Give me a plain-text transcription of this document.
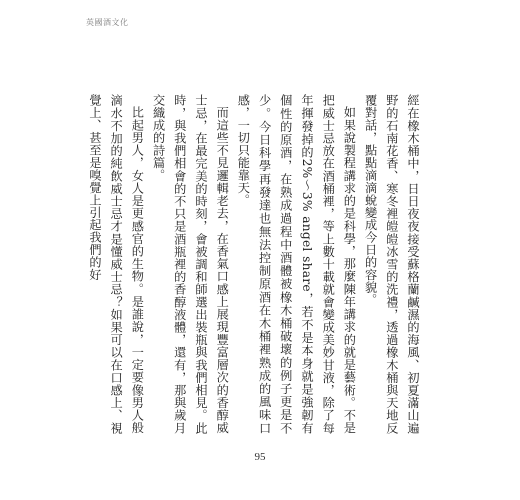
英國酒文化

經在橡木桶中，日日夜夜接受蘇格蘭鹹濕的海風、初夏滿山遍野的石南花香、寒冬裡皚皚冰雪的洗禮，透過橡木桶與天地反覆對話，點點滴滴蛻變成今日的容貌。

如果說製程講求的是科學，那麼陳年講求的就是藝術。不是把威士忌放在酒桶裡，等上數十載就會變成美妙甘液，除了每年揮發掉的2%～3% angel share，若不是本身就是強韌有個性的原酒，在熟成過程中酒體被橡木桶破壞的例子更是不少。今日科學再發達也無法控制原酒在木桶裡熟成的風味口感，一切只能靠天。

而這些不見邏輯老去，在香氣口感上展現豐富層次的香醇威士忌，在最完美的時刻，會被調和師選出裝瓶與我們相見。此時，與我們相會的不只是酒瓶裡的香醇液體，還有，那與歲月交織成的詩篇。

比起男人，女人是更感官的生物。是誰說，一定要像男人般滴水不加的純飲威士忌才是懂威士忌？如果可以在口感上、視覺上、甚至是嗅覺上引起我們的好

95
